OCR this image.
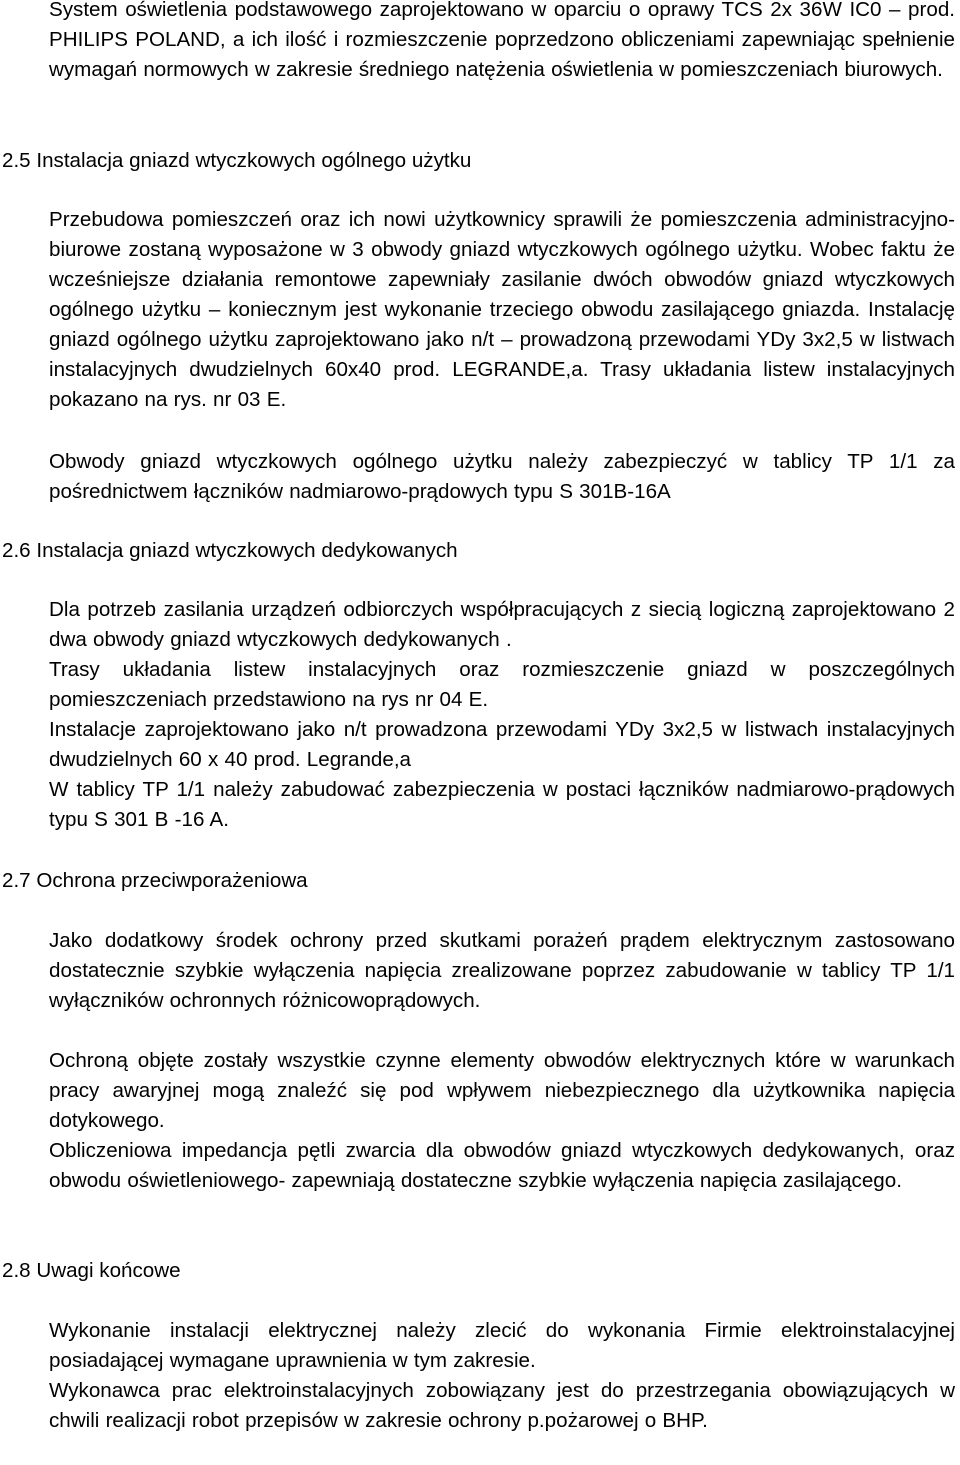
System oświetlenia podstawowego zaprojektowano w oparciu o oprawy TCS 2x 36W IC0 – prod. PHILIPS POLAND, a ich ilość i rozmieszczenie poprzedzono obliczeniami zapewniając spełnienie wymagań normowych w zakresie średniego natężenia oświetlenia w pomieszczeniach biurowych.

2.5 Instalacja gniazd wtyczkowych ogólnego użytku

Przebudowa pomieszczeń oraz ich nowi użytkownicy sprawili że pomieszczenia administracyjno-biurowe zostaną wyposażone w 3 obwody gniazd wtyczkowych ogólnego użytku. Wobec faktu że wcześniejsze działania remontowe zapewniały zasilanie dwóch obwodów gniazd wtyczkowych ogólnego użytku – koniecznym jest wykonanie trzeciego obwodu zasilającego gniazda. Instalację gniazd ogólnego użytku zaprojektowano jako n/t – prowadzoną przewodami YDy 3x2,5 w listwach instalacyjnych dwudzielnych 60x40 prod. LEGRANDE,a. Trasy układania listew instalacyjnych pokazano na rys. nr 03 E.

Obwody gniazd wtyczkowych ogólnego użytku należy zabezpieczyć w tablicy TP 1/1 za pośrednictwem łączników nadmiarowo-prądowych typu S 301B-16A

2.6 Instalacja gniazd wtyczkowych dedykowanych

Dla potrzeb zasilania urządzeń odbiorczych współpracujących z siecią logiczną zaprojektowano 2 dwa obwody gniazd wtyczkowych dedykowanych .

Trasy układania listew instalacyjnych oraz rozmieszczenie gniazd w poszczególnych pomieszczeniach przedstawiono na rys nr 04 E.

Instalacje zaprojektowano jako n/t prowadzona przewodami YDy 3x2,5 w listwach instalacyjnych dwudzielnych 60 x 40 prod. Legrande,a

W tablicy TP 1/1 należy zabudować zabezpieczenia w postaci łączników nadmiarowo-prądowych typu S 301 B -16 A.

2.7 Ochrona przeciwporażeniowa

Jako dodatkowy środek ochrony przed skutkami porażeń prądem elektrycznym zastosowano dostatecznie szybkie wyłączenia napięcia zrealizowane poprzez zabudowanie w tablicy TP 1/1 wyłączników ochronnych różnicowoprądowych.

Ochroną objęte zostały wszystkie czynne elementy obwodów elektrycznych które w warunkach pracy awaryjnej mogą znaleźć się pod wpływem niebezpiecznego dla użytkownika napięcia dotykowego.

Obliczeniowa impedancja pętli zwarcia dla obwodów gniazd wtyczkowych dedykowanych, oraz obwodu oświetleniowego- zapewniają dostateczne szybkie wyłączenia napięcia zasilającego.

2.8 Uwagi końcowe

Wykonanie instalacji elektrycznej należy zlecić do wykonania Firmie elektroinstalacyjnej posiadającej wymagane uprawnienia w tym zakresie.

Wykonawca prac elektroinstalacyjnych zobowiązany jest do przestrzegania obowiązujących w chwili realizacji robot przepisów w zakresie ochrony p.pożarowej o BHP.
